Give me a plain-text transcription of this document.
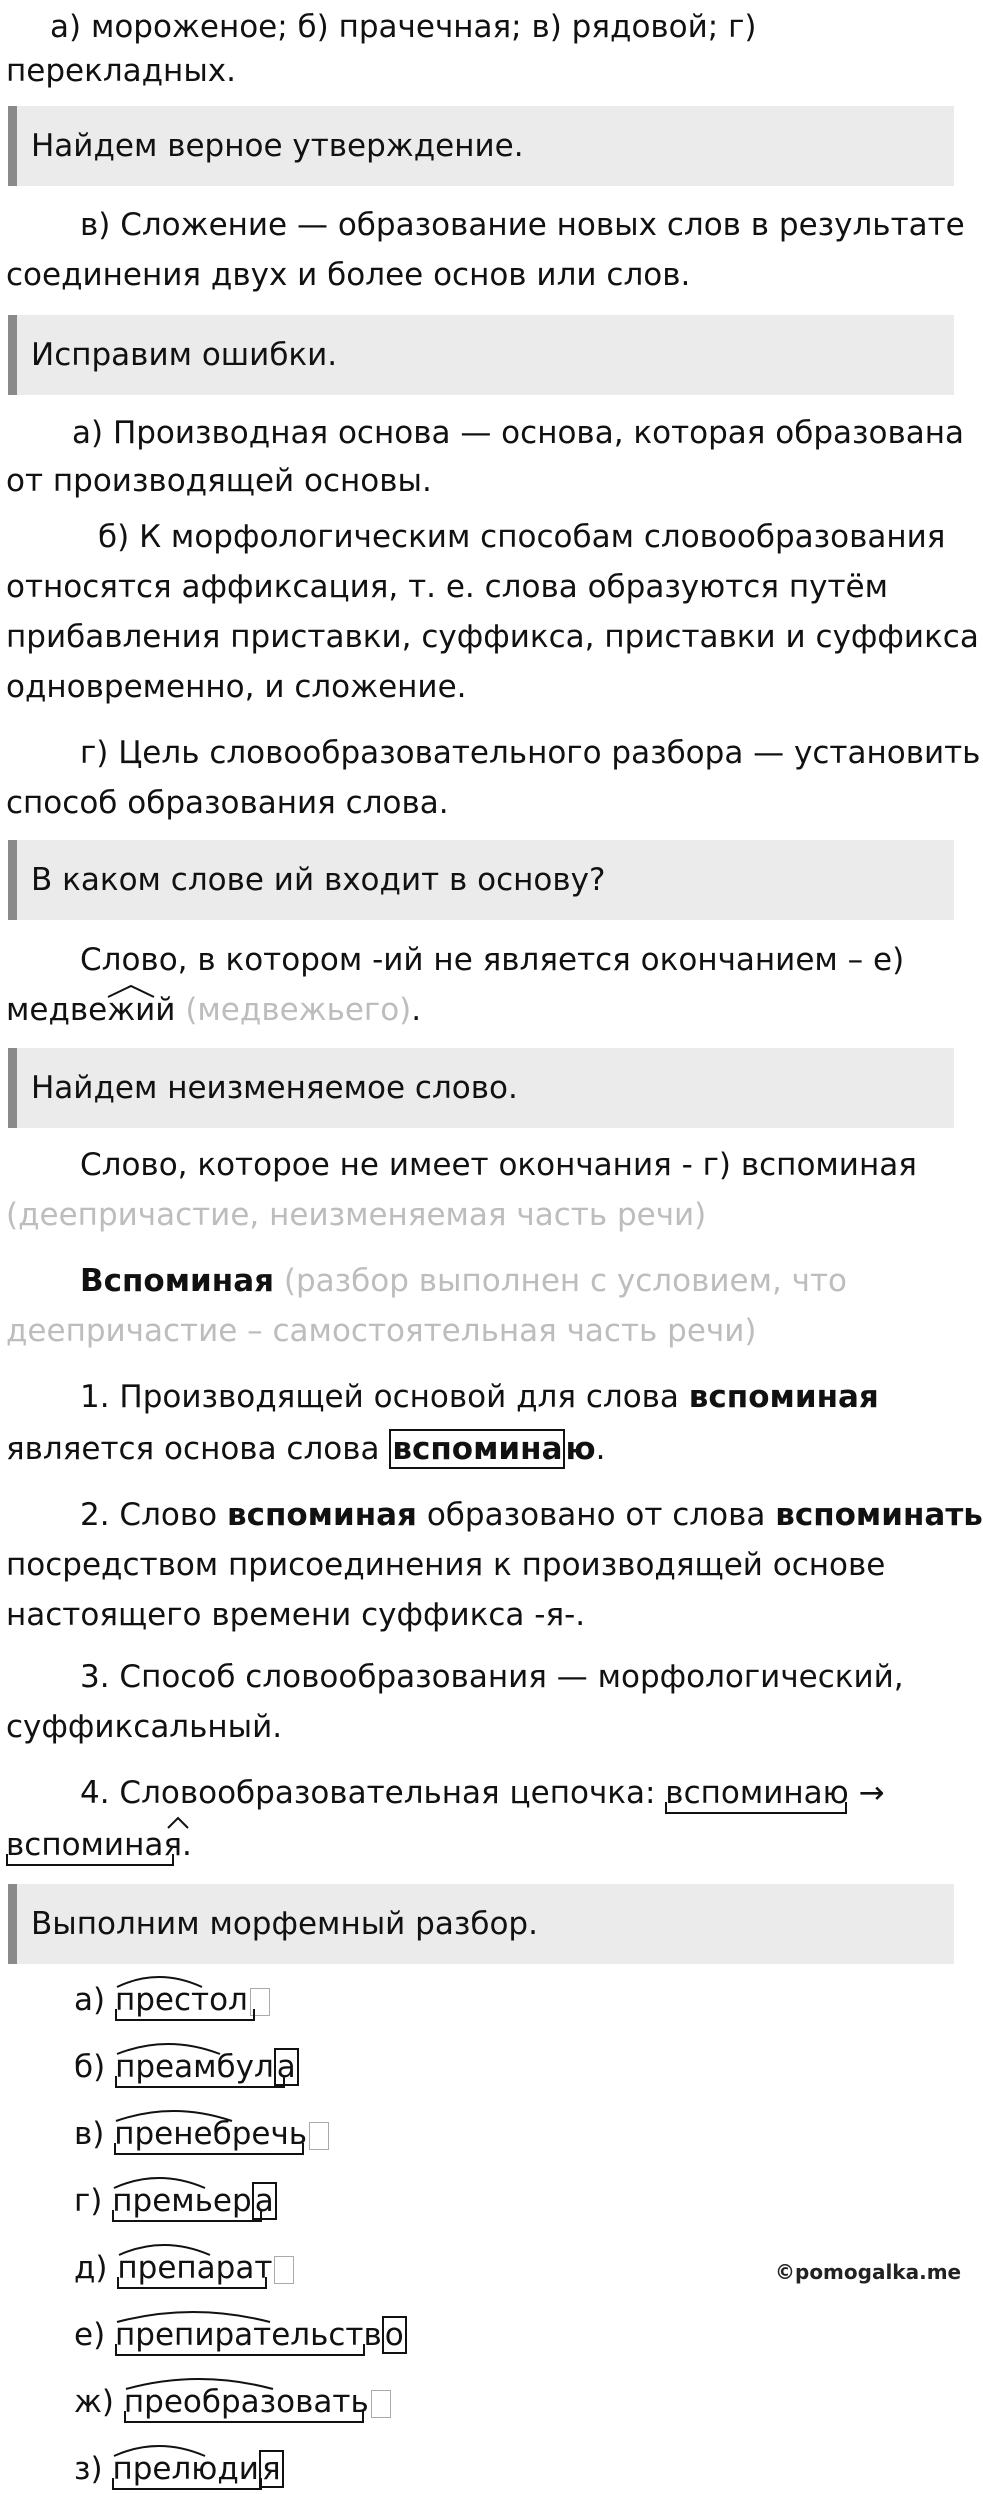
а) мороженое; б) прачечная; в) рядовой; г)
перекладных.
Найдем верное утверждение.
в) Сложение — образование новых слов в результате
соединения двух и более основ или слов.
Исправим ошибки.
а) Производная основа — основа, которая образована
от производящей основы.
б) К морфологическим способам словообразования
относятся аффиксация, т. е. слова образуются путём
прибавления приставки, суффикса, приставки и суффикса
одновременно, и сложение.
г) Цель словообразовательного разбора — установить
способ образования слова.
В каком слове ий входит в основу?
Слово, в котором -ий не является окончанием – е)
медвежий (медвежьего).
Найдем неизменяемое слово.
Слово, которое не имеет окончания - г) вспоминая
(деепричастие, неизменяемая часть речи)
Вспоминая (разбор выполнен с условием, что
деепричастие – самостоятельная часть речи)
1. Производящей основой для слова вспоминая
является основа слова вспоминаю.
2. Слово вспоминая образовано от слова вспоминать
посредством присоединения к производящей основе
настоящего времени суффикса -я-.
3. Способ словообразования — морфологический,
суффиксальный.
4. Словообразовательная цепочка: вспоминаю →
вспоминая
.
Выполним морфемный разбор.
а) престол
б) преамбул
а
в) пренебречь
г) премьер
а
д) препарат
е) препирательств
о
ж) преобразовать
з) прелюди
я
©pomogalka.me
